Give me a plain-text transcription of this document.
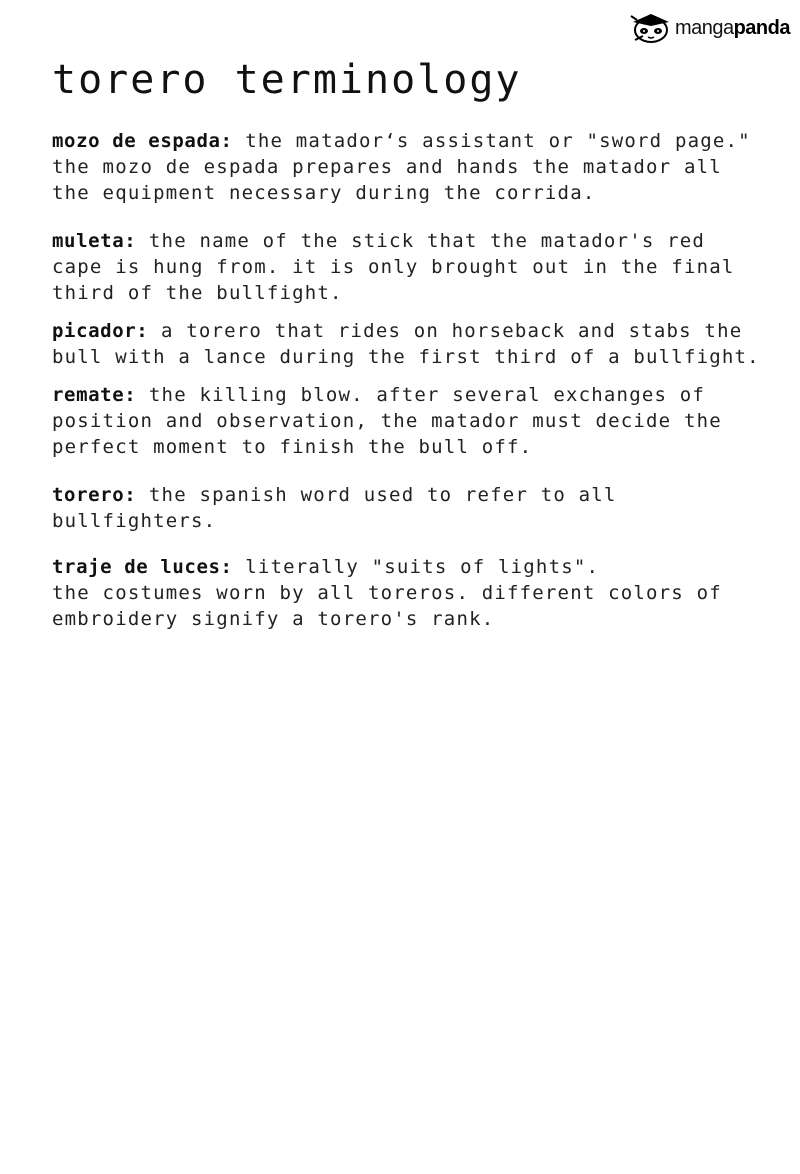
mangapanda
torero terminology

mozo de espada: the matador‘s assistant or "sword page."
the mozo de espada prepares and hands the matador all
the equipment necessary during the corrida.

muleta: the name of the stick that the matador's red
cape is hung from. it is only brought out in the final
third of the bullfight.

picador: a torero that rides on horseback and stabs the
bull with a lance during the first third of a bullfight.

remate: the killing blow. after several exchanges of
position and observation, the matador must decide the
perfect moment to finish the bull off.

torero: the spanish word used to refer to all
bullfighters.

traje de luces: literally "suits of lights".
the costumes worn by all toreros. different colors of
embroidery signify a torero's rank.
